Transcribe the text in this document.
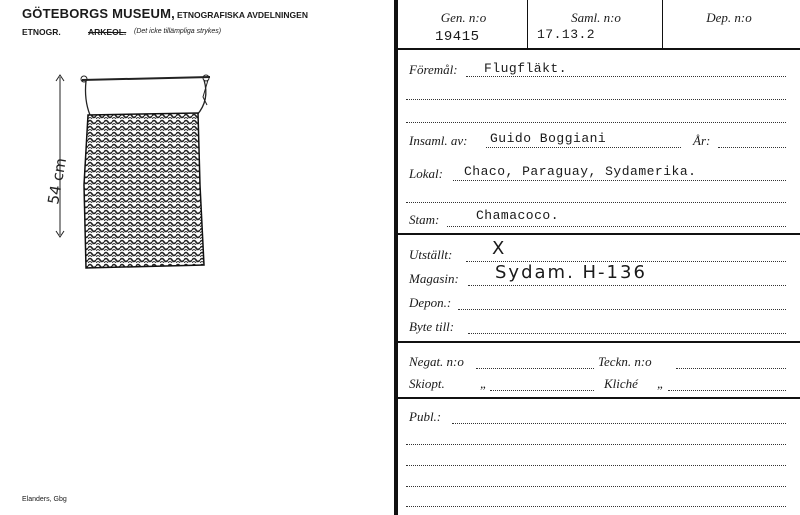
GÖTEBORGS MUSEUM, ETNOGRAFISKA AVDELNINGEN
ETNOGR.	ARKEOL. (Det icke tillämpliga strykes)
54 cm
Elanders, Gbg
Gen. n:o
19415
Saml. n:o
17.13.2
Dep. n:o
Föremål: Flugfläkt.
Insaml. av: Guido Boggiani	År:
Lokal: Chaco, Paraguay, Sydamerika.
Stam:	Chamacoco.
Utställt: X
Magasin: Sydam. H-136
Depon.:
Byte till:
Negat. n:o	Teckn. n:o
Skiopt.	„	Kliché „
Publ.:
